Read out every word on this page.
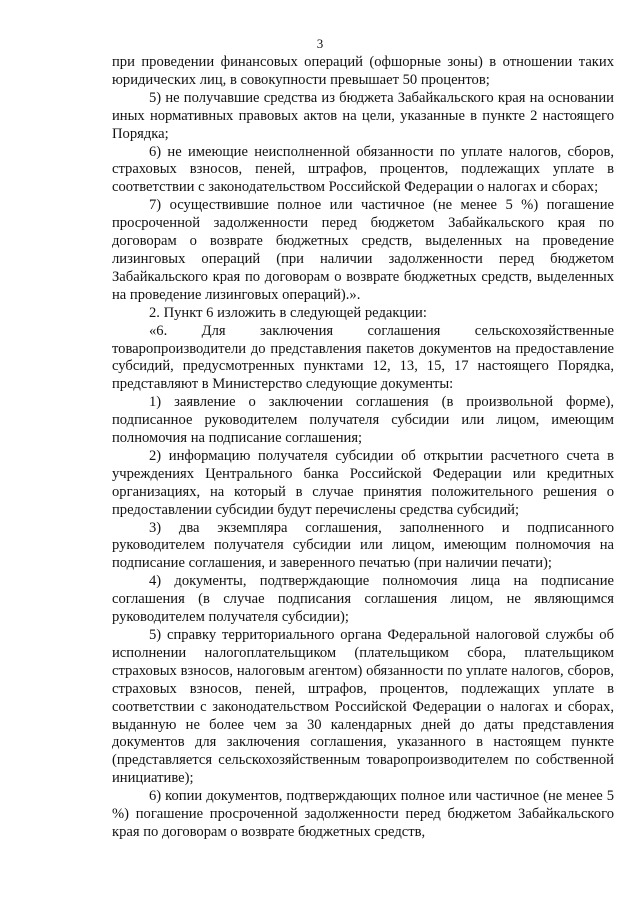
3

при проведении финансовых операций (офшорные зоны) в отношении таких юридических лиц, в совокупности превышает 50 процентов;

5) не получавшие средства из бюджета Забайкальского края на основании иных нормативных правовых актов на цели, указанные в пункте 2 настоящего Порядка;

6) не имеющие неисполненной обязанности по уплате налогов, сборов, страховых взносов, пеней, штрафов, процентов, подлежащих уплате в соответствии с законодательством Российской Федерации о налогах и сборах;

7) осуществившие полное или частичное (не менее 5 %) погашение просроченной задолженности перед бюджетом Забайкальского края по договорам о возврате бюджетных средств, выделенных на проведение лизинговых операций (при наличии задолженности перед бюджетом Забайкальского края по договорам о возврате бюджетных средств, выделенных на проведение лизинговых операций).».

2. Пункт 6 изложить в следующей редакции:

«6. Для заключения соглашения сельскохозяйственные товаропроизводители до представления пакетов документов на предоставление субсидий, предусмотренных пунктами 12, 13, 15, 17 настоящего Порядка, представляют в Министерство следующие документы:

1) заявление о заключении соглашения (в произвольной форме), подписанное руководителем получателя субсидии или лицом, имеющим полномочия на подписание соглашения;

2) информацию получателя субсидии об открытии расчетного счета в учреждениях Центрального банка Российской Федерации или кредитных организациях, на который в случае принятия положительного решения о предоставлении субсидии будут перечислены средства субсидий;

3) два экземпляра соглашения, заполненного и подписанного руководителем получателя субсидии или лицом, имеющим полномочия на подписание соглашения, и заверенного печатью (при наличии печати);

4) документы, подтверждающие полномочия лица на подписание соглашения (в случае подписания соглашения лицом, не являющимся руководителем получателя субсидии);

5) справку территориального органа Федеральной налоговой службы об исполнении налогоплательщиком (плательщиком сбора, плательщиком страховых взносов, налоговым агентом) обязанности по уплате налогов, сборов, страховых взносов, пеней, штрафов, процентов, подлежащих уплате в соответствии с законодательством Российской Федерации о налогах и сборах, выданную не более чем за 30 календарных дней до даты представления документов для заключения соглашения, указанного в настоящем пункте (представляется сельскохозяйственным товаропроизводителем по собственной инициативе);

6) копии документов, подтверждающих полное или частичное (не менее 5 %) погашение просроченной задолженности перед бюджетом Забайкальского края по договорам о возврате бюджетных средств,
